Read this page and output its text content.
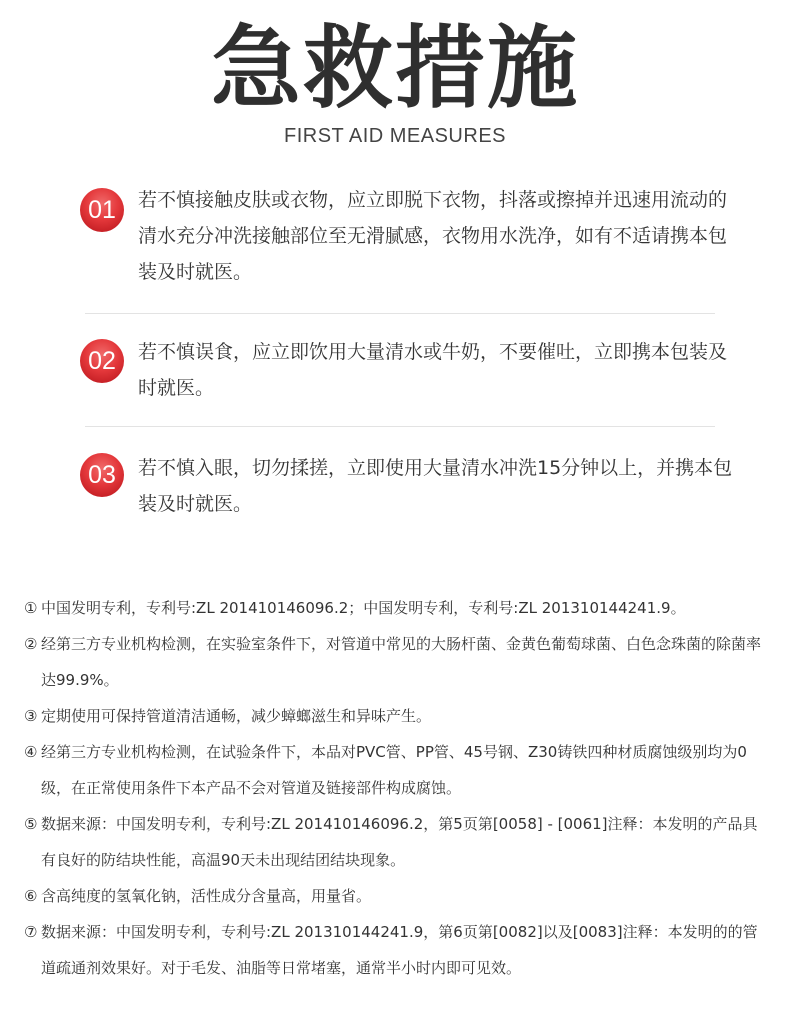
急救措施
FIRST AID MEASURES
01	若不慎接触皮肤或衣物，应立即脱下衣物，抖落或擦掉并迅速用流动的清水充分冲洗接触部位至无滑腻感，衣物用水洗净，如有不适请携本包装及时就医。
02	若不慎误食，应立即饮用大量清水或牛奶，不要催吐，立即携本包装及时就医。
03	若不慎入眼，切勿揉搓，立即使用大量清水冲洗15分钟以上，并携本包装及时就医。

① 中国发明专利，专利号:ZL 201410146096.2；中国发明专利，专利号:ZL 201310144241.9。

② 经第三方专业机构检测，在实验室条件下，对管道中常见的大肠杆菌、金黄色葡萄球菌、白色念珠菌的除菌率达99.9%。

③ 定期使用可保持管道清洁通畅，减少蟑螂滋生和异味产生。

④ 经第三方专业机构检测，在试验条件下，本品对PVC管、PP管、45号钢、Z30铸铁四种材质腐蚀级别均为0级，在正常使用条件下本产品不会对管道及链接部件构成腐蚀。

⑤ 数据来源：中国发明专利，专利号:ZL 201410146096.2，第5页第[0058] - [0061]注释：本发明的产品具有良好的防结块性能，高温90天未出现结团结块现象。

⑥ 含高纯度的氢氧化钠，活性成分含量高，用量省。

⑦ 数据来源：中国发明专利，专利号:ZL 201310144241.9，第6页第[0082]以及[0083]注释：本发明的的管道疏通剂效果好。对于毛发、油脂等日常堵塞，通常半小时内即可见效。
